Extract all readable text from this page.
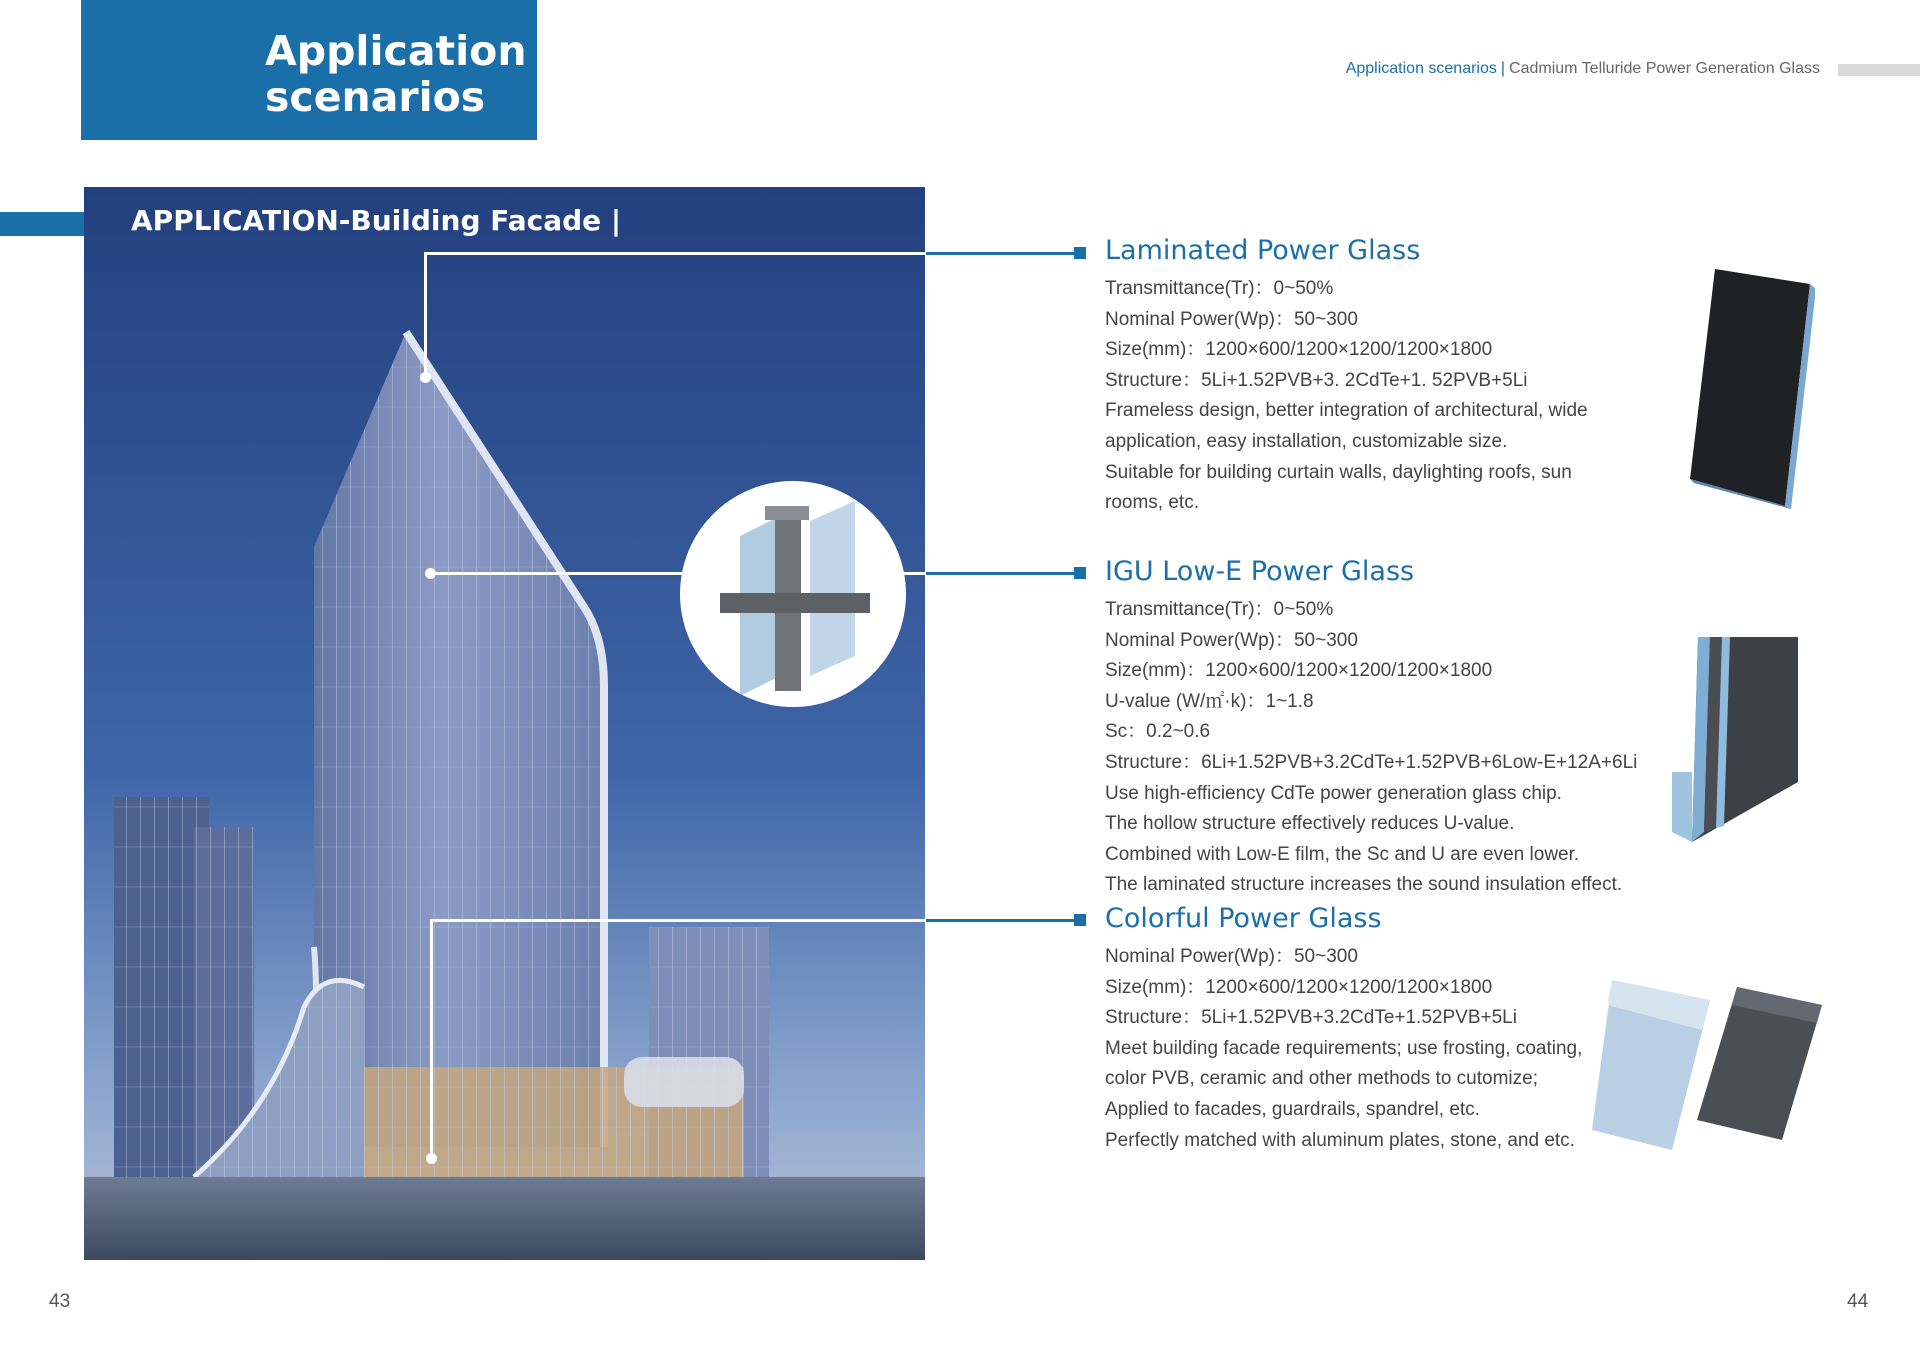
Application
scenarios
Application scenarios | Cadmium Telluride Power Generation Glass
APPLICATION-Building Facade |
Laminated Power Glass
Transmittance(Tr)：0~50%
Nominal Power(Wp)：50~300
Size(mm)：1200×600/1200×1200/1200×1800
Structure：5Li+1.52PVB+3. 2CdTe+1. 52PVB+5Li
Frameless design, better integration of architectural, wide
application, easy installation, customizable size.
Suitable for building curtain walls, daylighting roofs, sun
rooms, etc.
IGU Low-E Power Glass
Transmittance(Tr)：0~50%
Nominal Power(Wp)：50~300
Size(mm)：1200×600/1200×1200/1200×1800
U-value (W/㎡·k)：1~1.8
Sc：0.2~0.6
Structure：6Li+1.52PVB+3.2CdTe+1.52PVB+6Low-E+12A+6Li
Use high-efficiency CdTe power generation glass chip.
The hollow structure effectively reduces U-value.
Combined with Low-E film, the Sc and U are even lower.
The laminated structure increases the sound insulation effect.
Colorful Power Glass
Nominal Power(Wp)：50~300
Size(mm)：1200×600/1200×1200/1200×1800
Structure：5Li+1.52PVB+3.2CdTe+1.52PVB+5Li
Meet building facade requirements; use frosting, coating,
color PVB, ceramic and other methods to cutomize;
Applied to facades, guardrails, spandrel, etc.
Perfectly matched with aluminum plates, stone, and etc.
43	44
